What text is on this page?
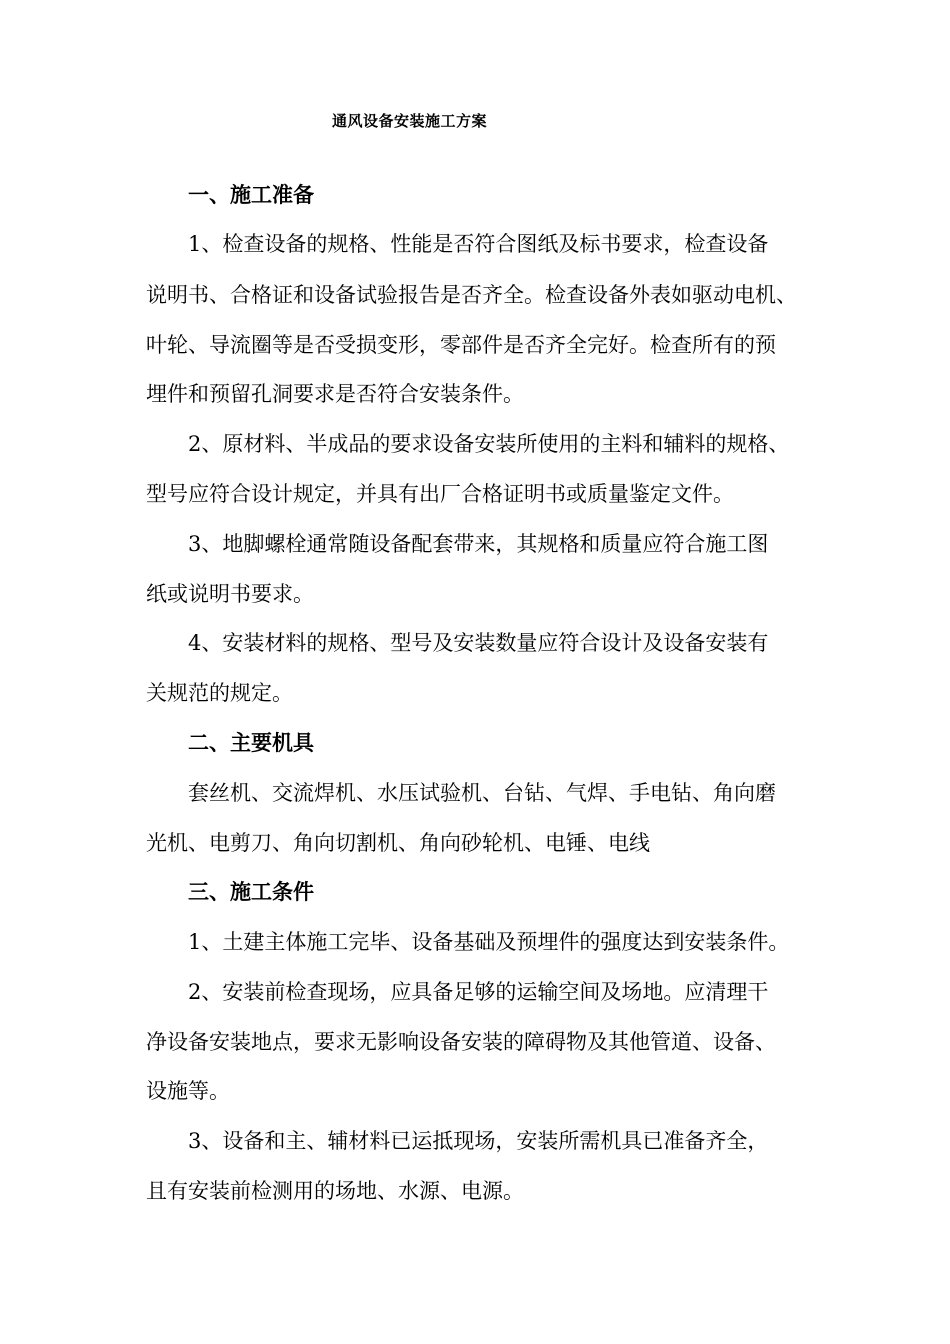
通风设备安装施工方案
一、施工准备
1、检查设备的规格、性能是否符合图纸及标书要求，检查设备
说明书、合格证和设备试验报告是否齐全。检查设备外表如驱动电机、
叶轮、导流圈等是否受损变形，零部件是否齐全完好。检查所有的预
埋件和预留孔洞要求是否符合安装条件。
2、原材料、半成品的要求设备安装所使用的主料和辅料的规格、
型号应符合设计规定，并具有出厂合格证明书或质量鉴定文件。
3、地脚螺栓通常随设备配套带来，其规格和质量应符合施工图
纸或说明书要求。
4、安装材料的规格、型号及安装数量应符合设计及设备安装有
关规范的规定。
二、主要机具
套丝机、交流焊机、水压试验机、台钻、气焊、手电钻、角向磨
光机、电剪刀、角向切割机、角向砂轮机、电锤、电线
三、施工条件
1、土建主体施工完毕、设备基础及预埋件的强度达到安装条件。
2、安装前检查现场，应具备足够的运输空间及场地。应清理干
净设备安装地点，要求无影响设备安装的障碍物及其他管道、设备、
设施等。
3、设备和主、辅材料已运抵现场，安装所需机具已准备齐全，
且有安装前检测用的场地、水源、电源。
